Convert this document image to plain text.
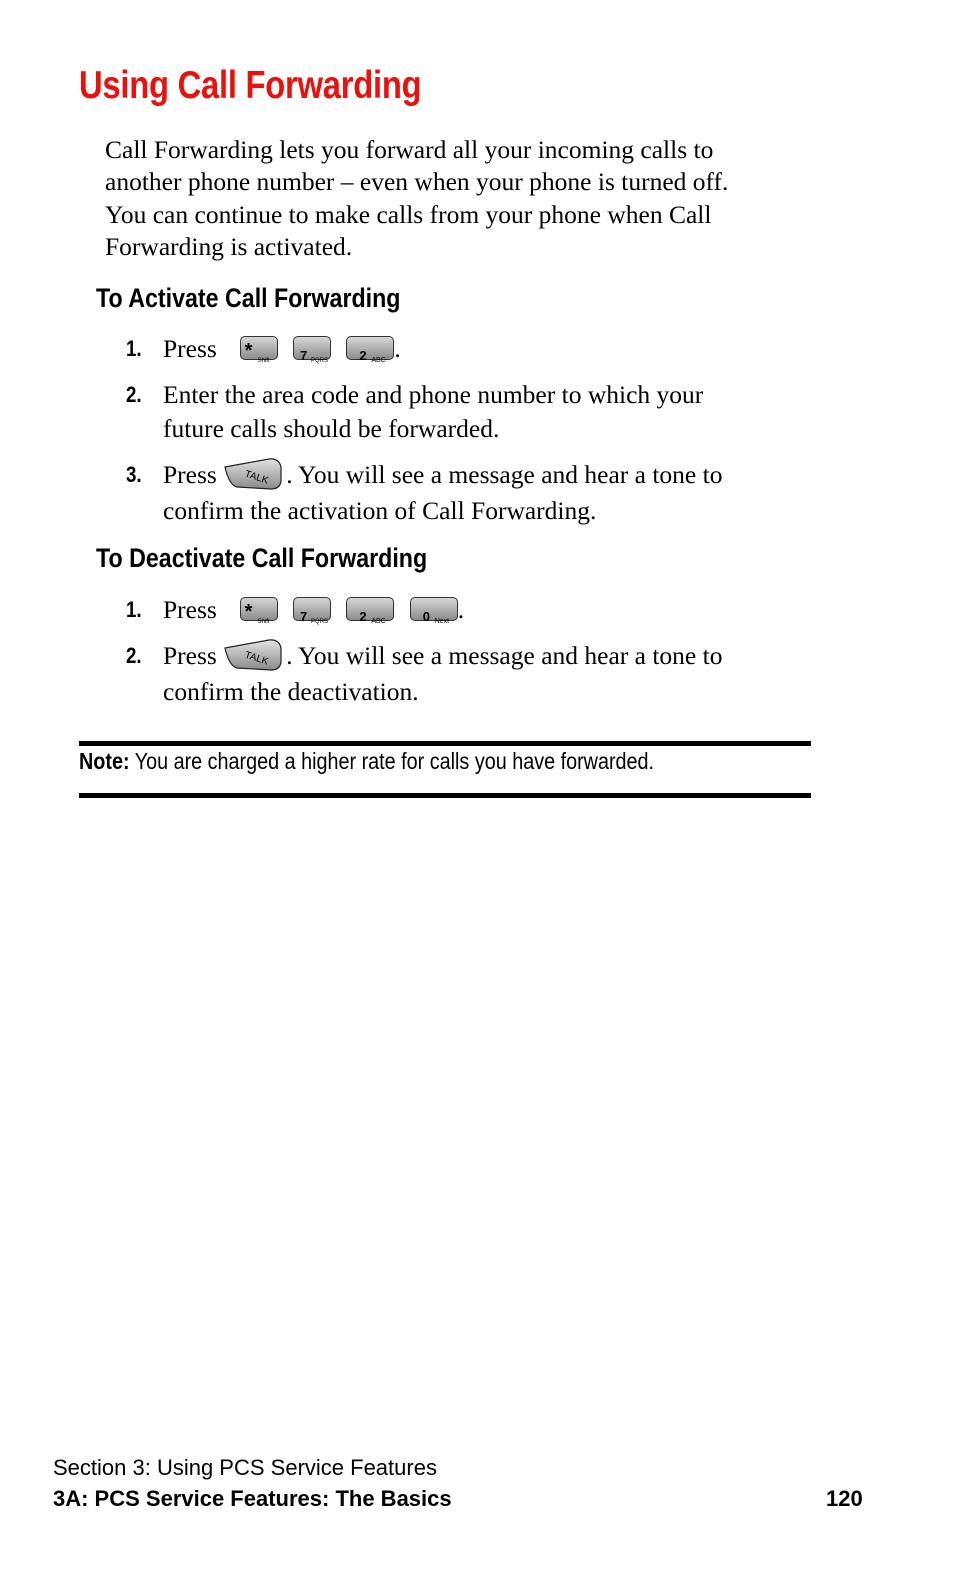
Using Call Forwarding
Call Forwarding lets you forward all your incoming calls to
another phone number – even when your phone is turned off.
You can continue to make calls from your phone when Call
Forwarding is activated.
To Activate Call Forwarding
1. Press * Shift
7 PQRS
2 ABC .
2. Enter the area code and phone number to which your
future calls should be forwarded.
3. Press	TALK . You will see a message and hear a tone to
confirm the activation of Call Forwarding.
To Deactivate Call Forwarding
1. Press * Shift
7 PQRS
2 ABC
	0 Next .
2. Press	TALK . You will see a message and hear a tone to
confirm the deactivation.
Note: You are charged a higher rate for calls you have forwarded.
Section 3: Using PCS Service Features
3A: PCS Service Features: The Basics	120
